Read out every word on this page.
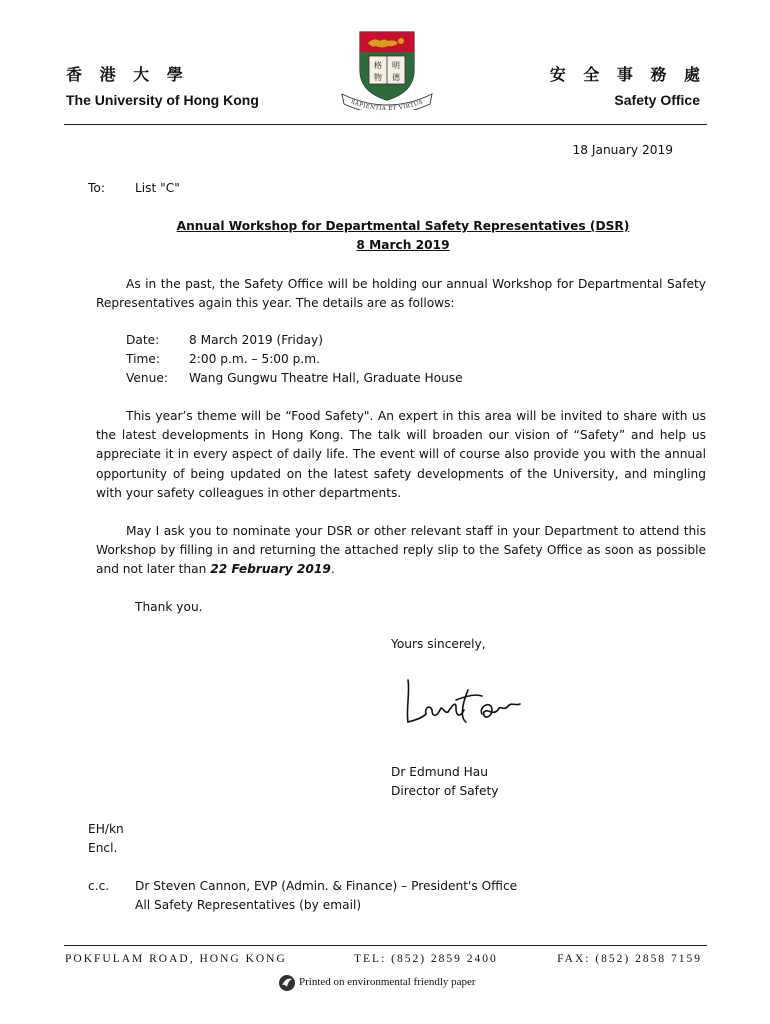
香 港 大 學
The University of Hong Kong
格 明
物 德
SAPIENTIA ET VIRTUS
安 全 事 務 處
Safety Office
18 January 2019
To: List "C"
Annual Workshop for Departmental Safety Representatives (DSR)
8 March 2019

As in the past, the Safety Office will be holding our annual Workshop for Departmental Safety Representatives again this year. The details are as follows:

Date: 8 March 2019 (Friday)
Time: 2:00 p.m. – 5:00 p.m.
Venue: Wang Gungwu Theatre Hall, Graduate House

This year’s theme will be “Food Safety". An expert in this area will be invited to share with us the latest developments in Hong Kong. The talk will broaden our vision of “Safety” and help us appreciate it in every aspect of daily life. The event will of course also provide you with the annual opportunity of being updated on the latest safety developments of the University, and mingling with your safety colleagues in other departments.

May I ask you to nominate your DSR or other relevant staff in your Department to attend this Workshop by filling in and returning the attached reply slip to the Safety Office as soon as possible and not later than 22 February 2019.

Thank you.
Yours sincerely,
Dr Edmund Hau
Director of Safety
EH/kn
Encl.
c.c. Dr Steven Cannon, EVP (Admin. & Finance) – President's Office
All Safety Representatives (by email)
POKFULAM ROAD, HONG KONG	TEL: (852) 2859 2400	FAX: (852) 2858 7159
Printed on environmental friendly paper
